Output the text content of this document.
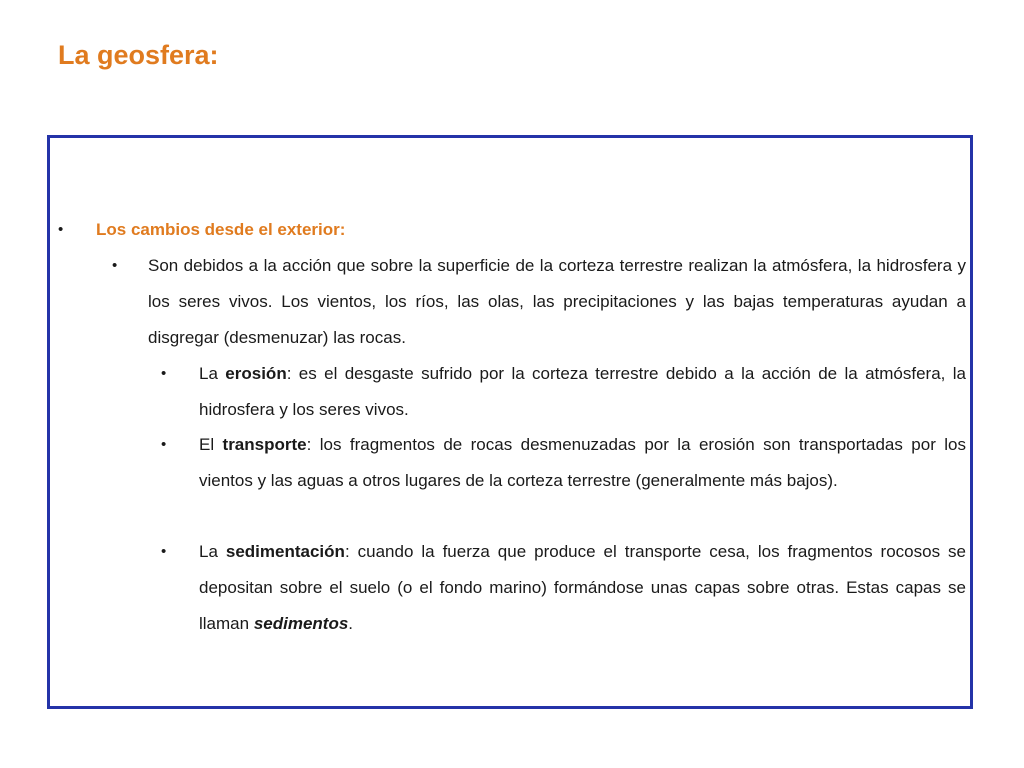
La geosfera:
• Los cambios desde el exterior:
• Son debidos a la acción que sobre la superficie de la corteza terrestre realizan la atmósfera, la hidrosfera y los seres vivos. Los vientos, los ríos, las olas, las precipitaciones y las bajas temperaturas ayudan a disgregar (desmenuzar) las rocas.
• La erosión: es el desgaste sufrido por la corteza terrestre debido a la acción de la atmósfera, la hidrosfera y los seres vivos.
• El transporte: los fragmentos de rocas desmenuzadas por la erosión son transportadas por los vientos y las aguas a otros lugares de la corteza terrestre (generalmente más bajos).
• La sedimentación: cuando la fuerza que produce el transporte cesa, los fragmentos rocosos se depositan sobre el suelo (o el fondo marino) formándose unas capas sobre otras. Estas capas se llaman sedimentos.
